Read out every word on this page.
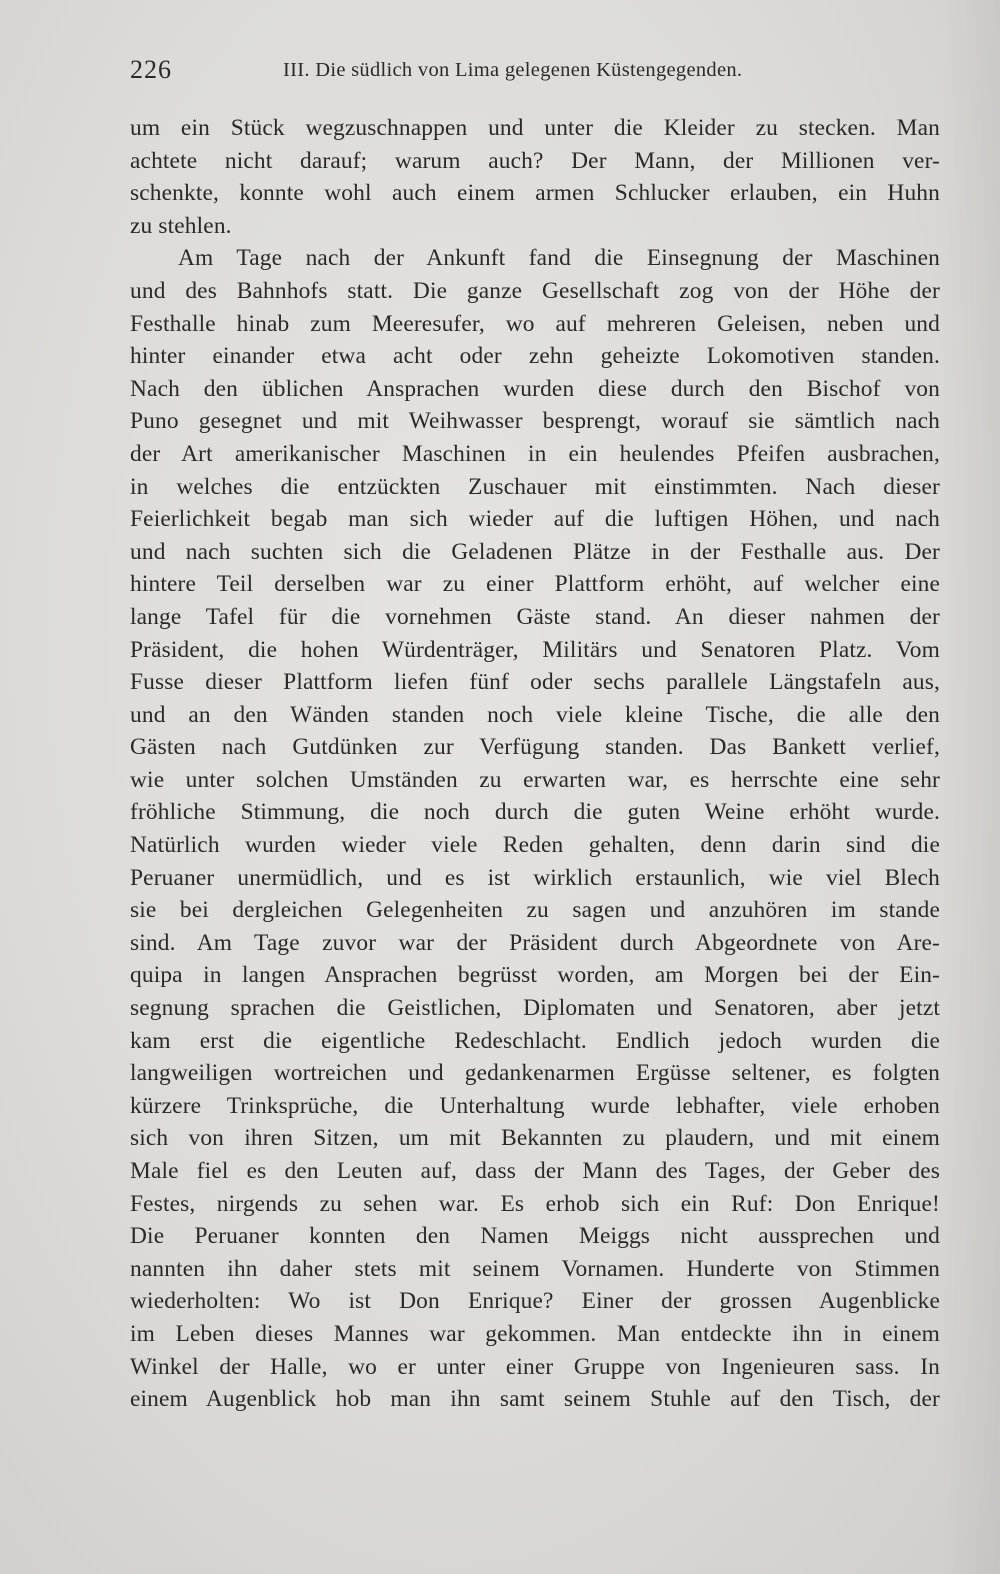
226	III. Die südlich von Lima gelegenen Küstengegenden.
um ein Stück wegzuschnappen und unter die Kleider zu stecken. Man
achtete nicht darauf; warum auch? Der Mann, der Millionen ver-
schenkte, konnte wohl auch einem armen Schlucker erlauben, ein Huhn
zu stehlen.
Am Tage nach der Ankunft fand die Einsegnung der Maschinen
und des Bahnhofs statt. Die ganze Gesellschaft zog von der Höhe der
Festhalle hinab zum Meeresufer, wo auf mehreren Geleisen, neben und
hinter einander etwa acht oder zehn geheizte Lokomotiven standen.
Nach den üblichen Ansprachen wurden diese durch den Bischof von
Puno gesegnet und mit Weihwasser besprengt, worauf sie sämtlich nach
der Art amerikanischer Maschinen in ein heulendes Pfeifen ausbrachen,
in welches die entzückten Zuschauer mit einstimmten. Nach dieser
Feierlichkeit begab man sich wieder auf die luftigen Höhen, und nach
und nach suchten sich die Geladenen Plätze in der Festhalle aus. Der
hintere Teil derselben war zu einer Plattform erhöht, auf welcher eine
lange Tafel für die vornehmen Gäste stand. An dieser nahmen der
Präsident, die hohen Würdenträger, Militärs und Senatoren Platz. Vom
Fusse dieser Plattform liefen fünf oder sechs parallele Längstafeln aus,
und an den Wänden standen noch viele kleine Tische, die alle den
Gästen nach Gutdünken zur Verfügung standen. Das Bankett verlief,
wie unter solchen Umständen zu erwarten war, es herrschte eine sehr
fröhliche Stimmung, die noch durch die guten Weine erhöht wurde.
Natürlich wurden wieder viele Reden gehalten, denn darin sind die
Peruaner unermüdlich, und es ist wirklich erstaunlich, wie viel Blech
sie bei dergleichen Gelegenheiten zu sagen und anzuhören im stande
sind. Am Tage zuvor war der Präsident durch Abgeordnete von Are-
quipa in langen Ansprachen begrüsst worden, am Morgen bei der Ein-
segnung sprachen die Geistlichen, Diplomaten und Senatoren, aber jetzt
kam erst die eigentliche Redeschlacht. Endlich jedoch wurden die
langweiligen wortreichen und gedankenarmen Ergüsse seltener, es folgten
kürzere Trinksprüche, die Unterhaltung wurde lebhafter, viele erhoben
sich von ihren Sitzen, um mit Bekannten zu plaudern, und mit einem
Male fiel es den Leuten auf, dass der Mann des Tages, der Geber des
Festes, nirgends zu sehen war. Es erhob sich ein Ruf: Don Enrique!
Die Peruaner konnten den Namen Meiggs nicht aussprechen und
nannten ihn daher stets mit seinem Vornamen. Hunderte von Stimmen
wiederholten: Wo ist Don Enrique? Einer der grossen Augenblicke
im Leben dieses Mannes war gekommen. Man entdeckte ihn in einem
Winkel der Halle, wo er unter einer Gruppe von Ingenieuren sass. In
einem Augenblick hob man ihn samt seinem Stuhle auf den Tisch, der
